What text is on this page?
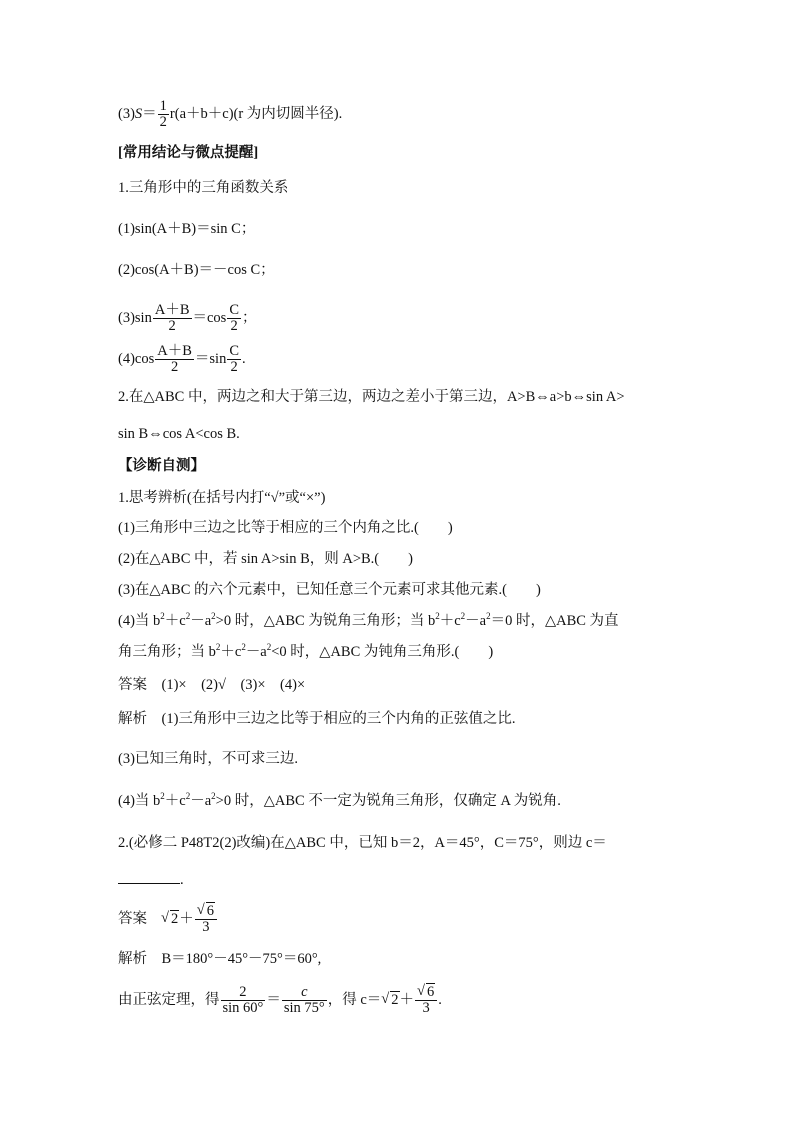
$(3)S= \frac{1}{2} r(a+b+c)(r$ 为内切圆半径).
[常用结论与微点提醒]
1.三角形中的三角函数关系
(1)sin(A＋B)＝sin C；
(2)cos(A＋B)＝－cos C；
$(3)\sin \frac{A+B}{2} =\cos \frac{C}{2}$ ；
$(4)\cos \frac{A+B}{2} =\sin \frac{C}{2}$ .
2.在△ABC 中，两边之和大于第三边，两边之差小于第三边，A>B⇔a>b⇔sin A>
sin B⇔cos A<cos B.
【诊断自测】
1.思考辨析(在括号内打“√”或“×”)
(1)三角形中三边之比等于相应的三个内角之比.(　　)
(2)在△ABC 中，若 sin A>sin B，则 A>B.(　　)
(3)在△ABC 的六个元素中，已知任意三个元素可求其他元素.(　　)
(4)当 $b^2+c^2-a^2>0$ 时，△ABC 为锐角三角形；当 $b^2+c^2-a^2=0$ 时，△ABC 为直
角三角形；当 $b^2+c^2-a^2<0$ 时，△ABC 为钝角三角形.(　　)
答案　(1)×　(2)√　(3)×　(4)×
解析　(1)三角形中三边之比等于相应的三个内角的正弦值之比.
(3)已知三角时，不可求三边.
(4)当 $b^2+c^2-a^2>0$ 时，△ABC 不一定为锐角三角形，仅确定 A 为锐角.
2.(必修二 P48T2(2)改编)在△ABC 中，已知 b＝2，A＝45°，C＝75°，则边 c＝
.
答案 √ 2＋ √ $\frac{6}{3}$
解析　B＝180°－45°－75°＝60°,
由正弦定理，得 $\frac{2}{\sin 60^\circ} = \frac{c}{\sin 75^\circ}$ ，得 c＝ √ 2＋ √ $\frac{6}{3}$ .
